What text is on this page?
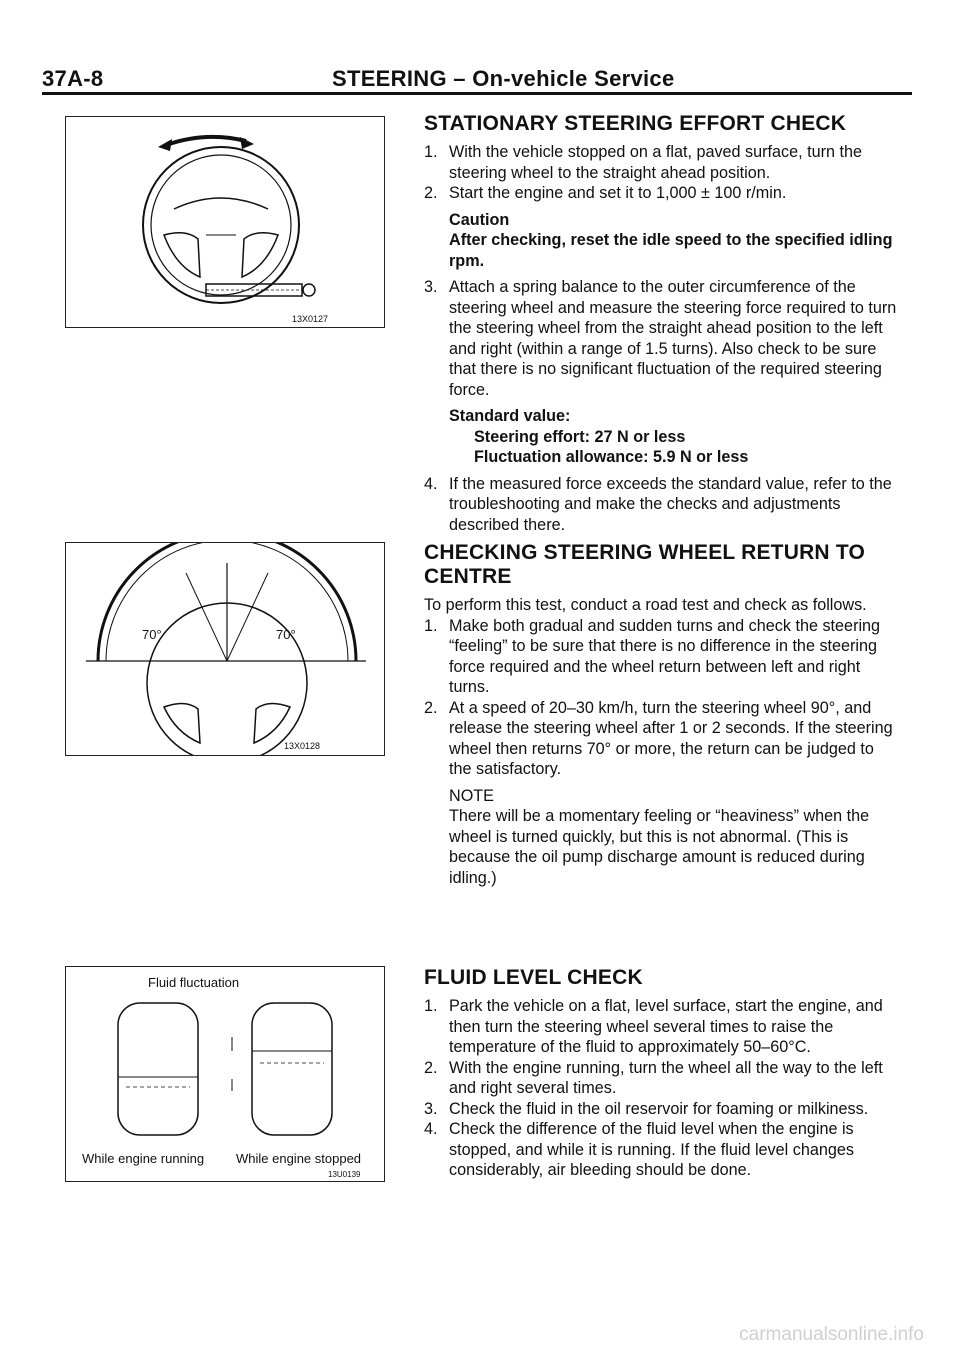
37A-8	STEERING – On-vehicle Service
13X0127
70°	70°
13X0128
Fluid fluctuation
While engine running While engine stopped
13U0139
STATIONARY STEERING EFFORT CHECK
1. With the vehicle stopped on a flat, paved surface, turn the steering wheel to the straight ahead position.
2. Start the engine and set it to 1,000 ± 100 r/min.

Caution

After checking, reset the idle speed to the specified idling rpm.

3. Attach a spring balance to the outer circumference of the steering wheel and measure the steering force required to turn the steering wheel from the straight ahead position to the left and right (within a range of 1.5 turns). Also check to be sure that there is no significant fluctuation of the required steering force.

Standard value:

Steering effort: 27 N or less

Fluctuation allowance: 5.9 N or less

4. If the measured force exceeds the standard value, refer to the troubleshooting and make the checks and adjustments described there.
CHECKING STEERING WHEEL RETURN TO CENTRE

To perform this test, conduct a road test and check as follows.

1. Make both gradual and sudden turns and check the steering “feeling” to be sure that there is no difference in the steering force required and the wheel return between left and right turns.
2. At a speed of 20–30 km/h, turn the steering wheel 90°, and release the steering wheel after 1 or 2 seconds. If the steering wheel then returns 70° or more, the return can be judged to the satisfactory.

NOTE

There will be a momentary feeling or “heaviness” when the wheel is turned quickly, but this is not abnormal. (This is because the oil pump discharge amount is reduced during idling.)

FLUID LEVEL CHECK
1. Park the vehicle on a flat, level surface, start the engine, and then turn the steering wheel several times to raise the temperature of the fluid to approximately 50–60°C.
2. With the engine running, turn the wheel all the way to the left and right several times.
3. Check the fluid in the oil reservoir for foaming or milkiness.
4. Check the difference of the fluid level when the engine is stopped, and while it is running. If the fluid level changes considerably, air bleeding should be done.
carmanualsonline.info
